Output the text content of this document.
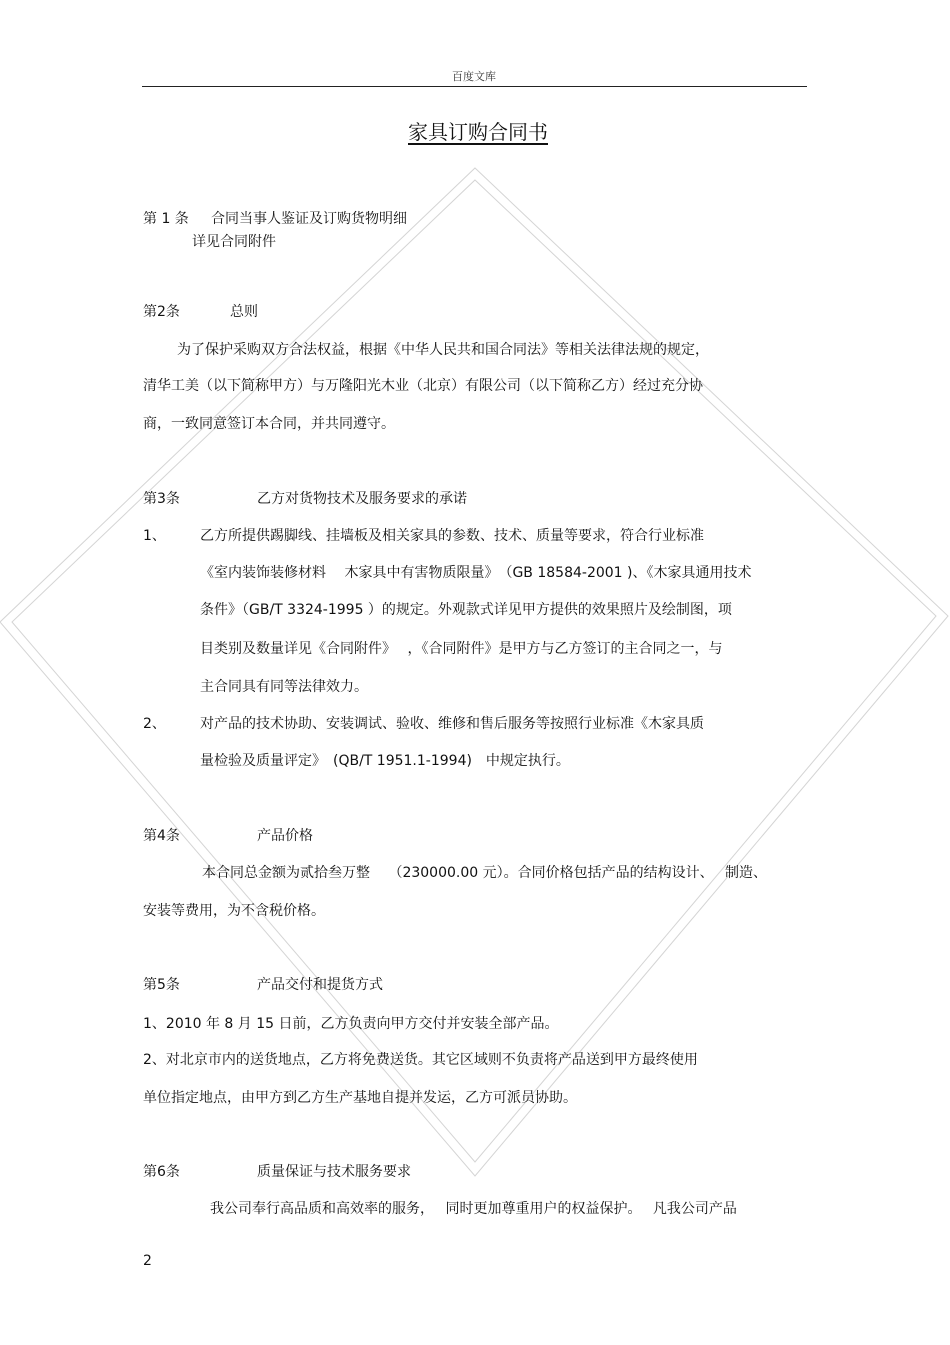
百度文库
家具订购合同书
第 1 条 合同当事人鉴证及订购货物明细
详见合同附件
第2条	总则
为了保护采购双方合法权益，根据《中华人民共和国合同法》等相关法律法规的规定，
清华工美（以下简称甲方）与万隆阳光木业（北京）有限公司（以下简称乙方）经过充分协
商，一致同意签订本合同，并共同遵守。
第3条	乙方对货物技术及服务要求的承诺
1、 乙方所提供踢脚线、挂墙板及相关家具的参数、技术、质量等要求，符合行业标准
《室内装饰装修材料　 木家具中有害物质限量》　（GB 18584-2001 )、《木家具通用技术
条件》（GB/T 3324-1995 ）的规定。外观款式详见甲方提供的效果照片及绘制图，项
目类别及数量详见《合同附件》　 ，《合同附件》是甲方与乙方签订的主合同之一，与
主合同具有同等法律效力。
2、 对产品的技术协助、安装调试、验收、维修和售后服务等按照行业标准《木家具质
量检验及质量评定》　(QB/T 1951.1-1994)　中规定执行。
第4条	产品价格
本合同总金额为贰拾叁万整　 （230000.00 元）。合同价格包括产品的结构设计、　 制造、
安装等费用，为不含税价格。
第5条	产品交付和提货方式
1、2010 年 8 月 15 日前，乙方负责向甲方交付并安装全部产品。
2、对北京市内的送货地点，乙方将免费送货。其它区域则不负责将产品送到甲方最终使用
单位指定地点，由甲方到乙方生产基地自提并发运，乙方可派员协助。
第6条	质量保证与技术服务要求
我公司奉行高品质和高效率的服务，　 同时更加尊重用户的权益保护。　 凡我公司产品
2
